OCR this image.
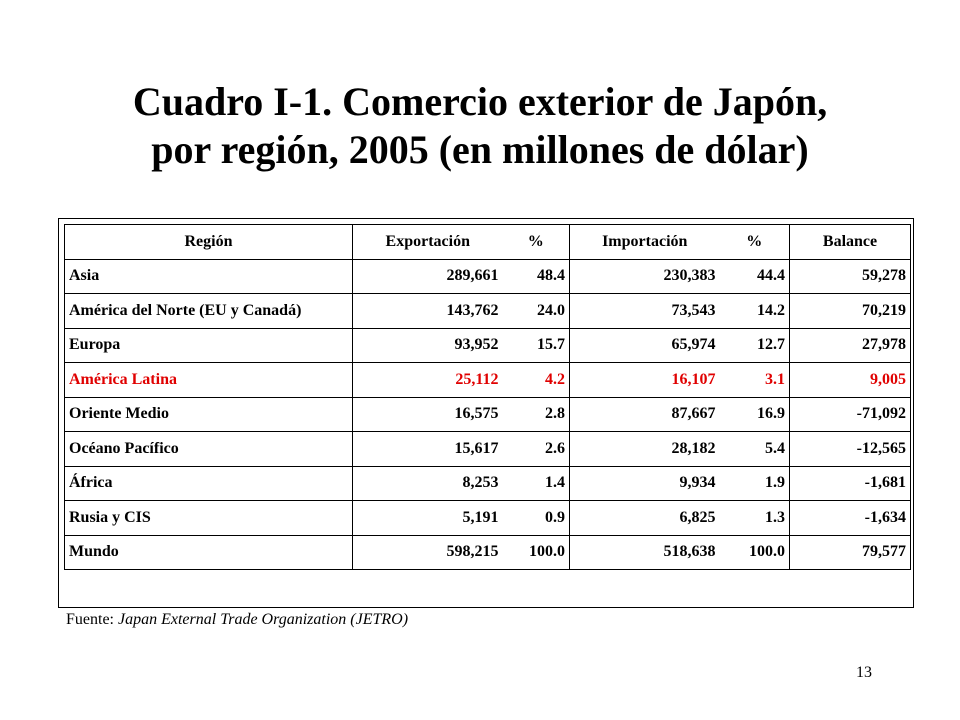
Cuadro I-1. Comercio exterior de Japón,
por región, 2005 (en millones de dólar)
Región	Exportación	%	Importación	%	Balance
Asia	289,661	48.4	230,383	44.4	59,278
América del Norte (EU y Canadá)	143,762	24.0	73,543	14.2	70,219
Europa	93,952	15.7	65,974	12.7	27,978
América Latina	25,112	4.2	16,107	3.1	9,005
Oriente Medio	16,575	2.8	87,667	16.9	-71,092
Océano Pacífico	15,617	2.6	28,182	5.4	-12,565
África	8,253	1.4	9,934	1.9	-1,681
Rusia y CIS	5,191	0.9	6,825	1.3	-1,634
Mundo	598,215	100.0	518,638	100.0	79,577
Fuente: Japan External Trade Organization (JETRO)
13
